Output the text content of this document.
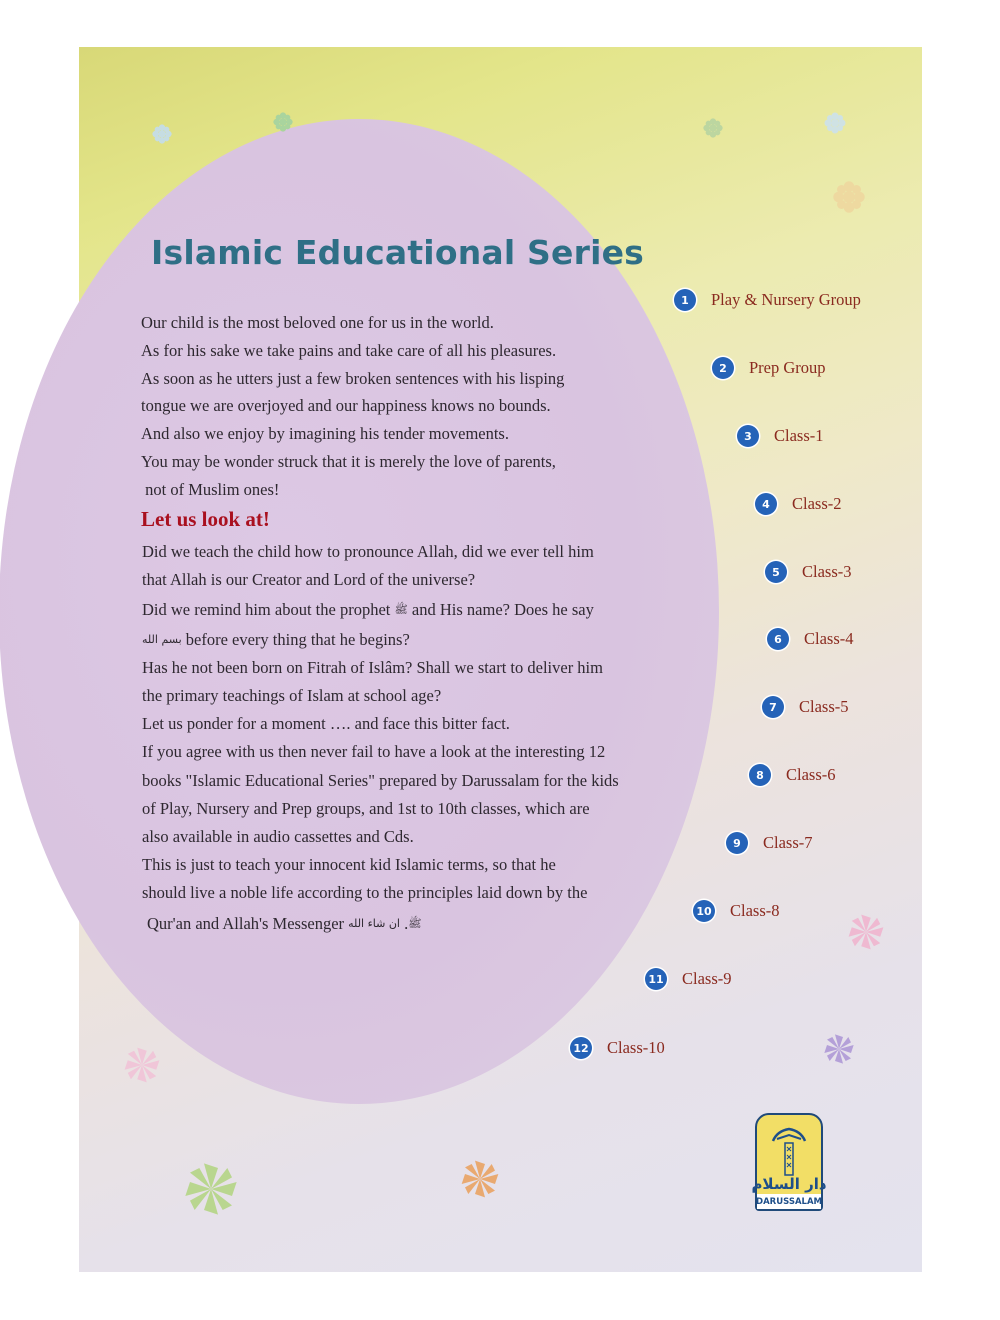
Islamic Educational Series
Our child is the most beloved one for us in the world.
As for his sake we take pains and take care of all his pleasures.
As soon as he utters just a few broken sentences with his lisping
tongue we are overjoyed and our happiness knows no bounds.
And also we enjoy by imagining his tender movements.
You may be wonder struck that it is merely the love of parents,
not of Muslim ones!
Let us look at!
Did we teach the child how to pronounce Allah, did we ever tell him
that Allah is our Creator and Lord of the universe?
Did we remind him about the prophet ﷺ and His name? Does he say
بسم الله before every thing that he begins?
Has he not been born on Fitrah of Islâm? Shall we start to deliver him
the primary teachings of Islam at school age?
Let us ponder for a moment …. and face this bitter fact.
If you agree with us then never fail to have a look at the interesting 12
books "Islamic Educational Series" prepared by Darussalam for the kids
of Play, Nursery and Prep groups, and 1st to 10th classes, which are
also available in audio cassettes and Cds.
This is just to teach your innocent kid Islamic terms, so that he
should live a noble life according to the principles laid down by the
Qur'an and Allah's Messenger	ﷺ. ان شاء الله
1	Play & Nursery Group
2	Prep Group
3	Class-1
4	Class-2
5	Class-3
6	Class-4
7	Class-5
8	Class-6
9	Class-7
10 Class-8
11 Class-9
12 Class-10
دار السلام
DARUSSALAM
